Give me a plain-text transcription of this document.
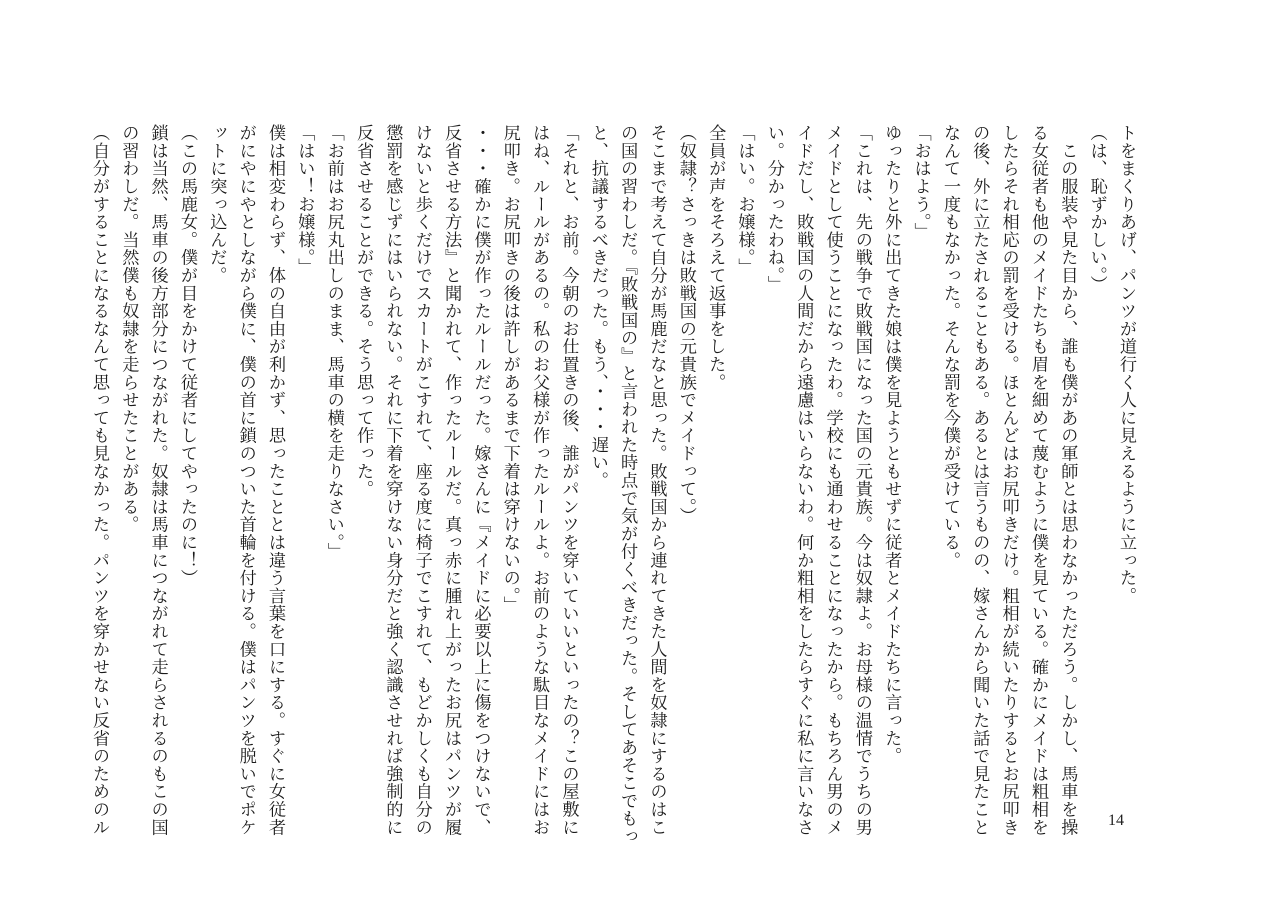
トをまくりあげ、パンツが道行く人に見えるように立った。
（は、恥ずかしい。）
　この服装や見た目から、誰も僕があの軍師とは思わなかっただろう。しかし、馬車を操
る女従者も他のメイドたちも眉を細めて蔑むように僕を見ている。確かにメイドは粗相を
したらそれ相応の罰を受ける。ほとんどはお尻叩きだけ。粗相が続いたりするとお尻叩き
の後、外に立たされることもある。あるとは言うものの、嫁さんから聞いた話で見たこと
なんて一度もなかった。そんな罰を今僕が受けている。
「おはよう。」
ゆったりと外に出てきた娘は僕を見ようともせずに従者とメイドたちに言った。
「これは、先の戦争で敗戦国になった国の元貴族。今は奴隷よ。お母様の温情でうちの男
メイドとして使うことになったわ。学校にも通わせることになったから。もちろん男のメ
イドだし、敗戦国の人間だから遠慮はいらないわ。何か粗相をしたらすぐに私に言いなさ
い。分かったわね。」
「はい。お嬢様。」
全員が声をそろえて返事をした。
（奴隷？さっきは敗戦国の元貴族でメイドって。）
そこまで考えて自分が馬鹿だなと思った。敗戦国から連れてきた人間を奴隷にするのはこ
の国の習わしだ。『敗戦国の』と言われた時点で気が付くべきだった。そしてあそこでもっ
と、抗議するべきだった。もう、・・・遅い。
「それと、お前。今朝のお仕置きの後、誰がパンツを穿いていいといったの？この屋敷に
はね、ルールがあるの。私のお父様が作ったルールよ。お前のような駄目なメイドにはお
尻叩き。お尻叩きの後は許しがあるまで下着は穿けないの。」
・・・確かに僕が作ったルールだった。嫁さんに『メイドに必要以上に傷をつけないで、
反省させる方法』と聞かれて、作ったルールだ。真っ赤に腫れ上がったお尻はパンツが履
けないと歩くだけでスカートがこすれて、座る度に椅子でこすれて、もどかしくも自分の
懲罰を感じずにはいられない。それに下着を穿けない身分だと強く認識させれば強制的に
反省させることができる。そう思って作った。
「お前はお尻丸出しのまま、馬車の横を走りなさい。」
「はい！お嬢様。」
僕は相変わらず、体の自由が利かず、思ったこととは違う言葉を口にする。すぐに女従者
がにやにやとしながら僕に、僕の首に鎖のついた首輪を付ける。僕はパンツを脱いでポケ
ットに突っ込んだ。
（この馬鹿女。僕が目をかけて従者にしてやったのに！）
鎖は当然、馬車の後方部分につながれた。奴隷は馬車につながれて走らされるのもこの国
の習わしだ。当然僕も奴隷を走らせたことがある。
（自分がすることになるなんて思っても見なかった。パンツを穿かせない反省のためのル	14
